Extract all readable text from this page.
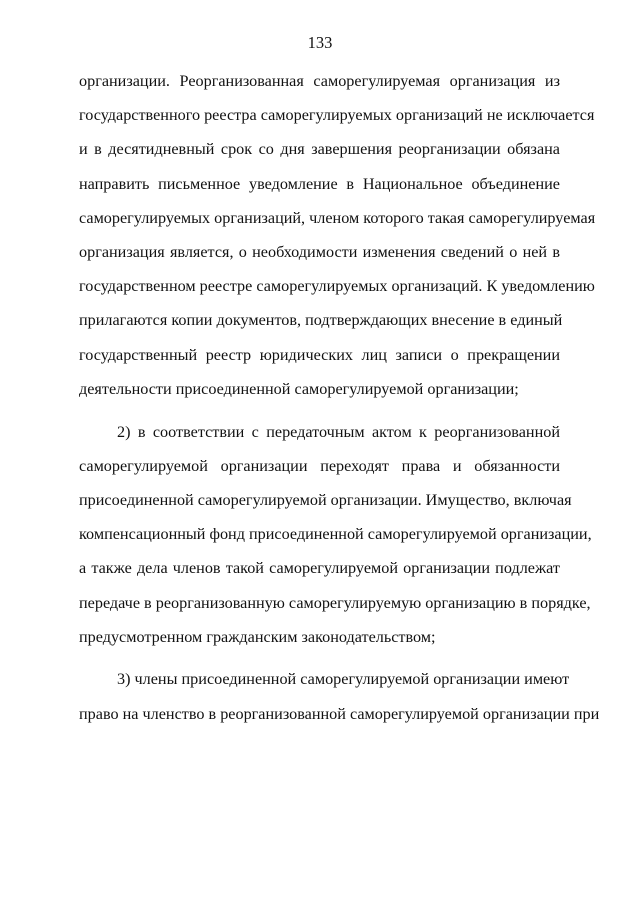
133

организации. Реорганизованная саморегулируемая организация из
государственного реестра саморегулируемых организаций не исключается
и в десятидневный срок со дня завершения реорганизации обязана
направить письменное уведомление в Национальное объединение
саморегулируемых организаций, членом которого такая саморегулируемая
организация является, о необходимости изменения сведений о ней в
государственном реестре саморегулируемых организаций. К уведомлению
прилагаются копии документов, подтверждающих внесение в единый
государственный реестр юридических лиц записи о прекращении
деятельности присоединенной саморегулируемой организации;

2) в соответствии с передаточным актом к реорганизованной
саморегулируемой организации переходят права и обязанности
присоединенной саморегулируемой организации. Имущество, включая
компенсационный фонд присоединенной саморегулируемой организации,
а также дела членов такой саморегулируемой организации подлежат
передаче в реорганизованную саморегулируемую организацию в порядке,
предусмотренном гражданским законодательством;

3) члены присоединенной саморегулируемой организации имеют
право на членство в реорганизованной саморегулируемой организации при
